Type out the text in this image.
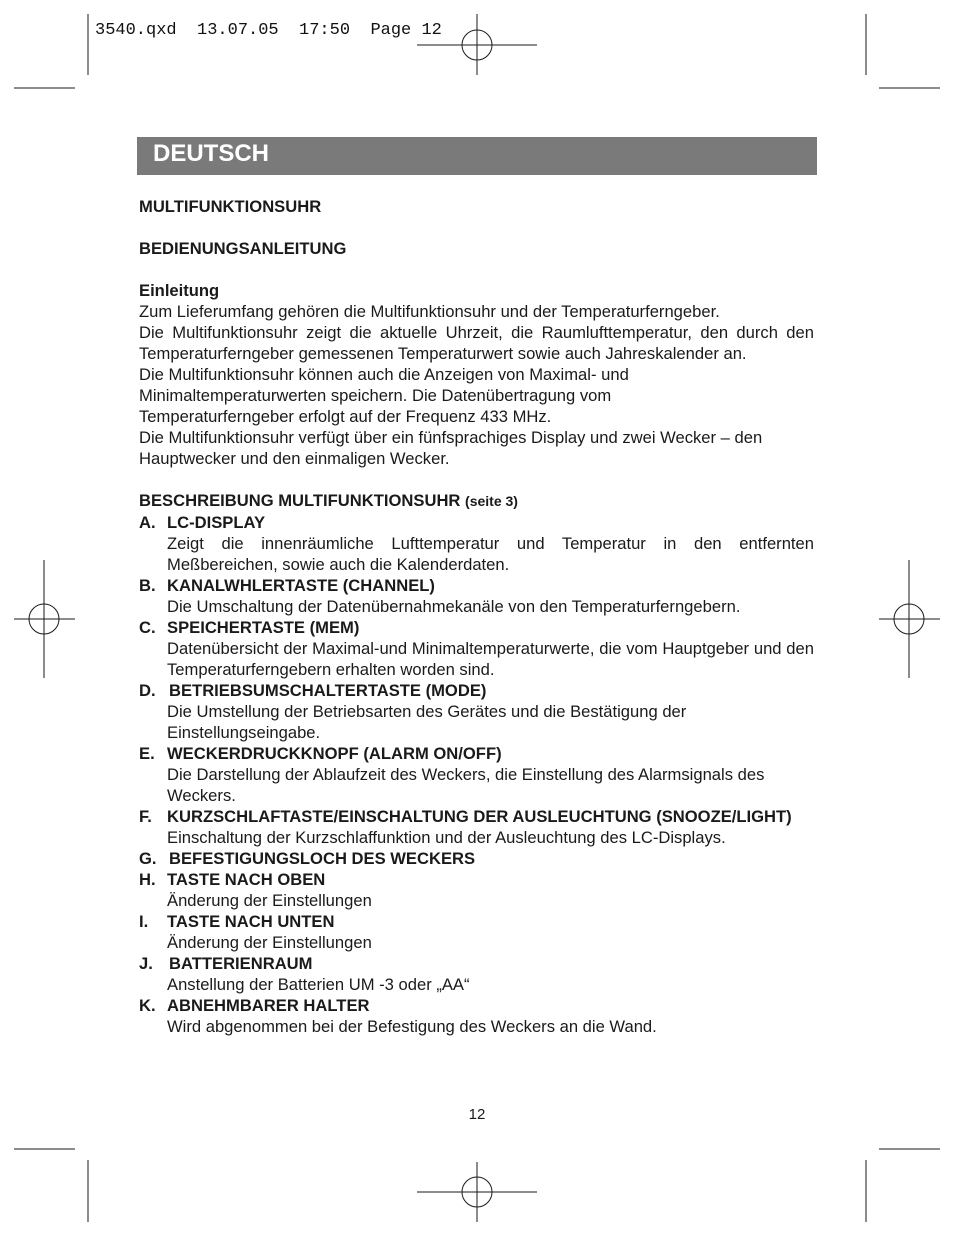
3540.qxd  13.07.05  17:50  Page 12
DEUTSCH

MULTIFUNKTIONSUHR

BEDIENUNGSANLEITUNG

Einleitung

Zum Lieferumfang gehören die Multifunktionsuhr und der Temperaturferngeber.

Die Multifunktionsuhr zeigt die aktuelle Uhrzeit, die Raumlufttemperatur, den durch den Temperaturferngeber gemessenen Temperaturwert sowie auch Jahreskalender an.

Die Multifunktionsuhr können auch die Anzeigen von Maximal- und

Minimaltemperaturwerten speichern. Die Datenübertragung vom

Temperaturferngeber erfolgt auf der Frequenz 433 MHz.

Die Multifunktionsuhr verfügt über ein fünfsprachiges Display und zwei Wecker – den Hauptwecker und den einmaligen Wecker.

BESCHREIBUNG MULTIFUNKTIONSUHR (seite 3)

A. LC-DISPLAY

Zeigt die innenräumliche Lufttemperatur und Temperatur in den entfernten Meßbereichen, sowie auch die Kalenderdaten.

B. KANALWHLERTASTE (CHANNEL)

Die Umschaltung der Datenübernahmekanäle von den Temperaturferngebern.

C. SPEICHERTASTE (MEM)

Datenübersicht der Maximal-und Minimaltemperaturwerte, die vom Hauptgeber und den Temperaturferngebern erhalten worden sind.

D. BETRIEBSUMSCHALTERTASTE (MODE)

Die Umstellung der Betriebsarten des Gerätes und die Bestätigung der Einstellungseingabe.

E. WECKERDRUCKKNOPF (ALARM ON/OFF)

Die Darstellung der Ablaufzeit des Weckers, die Einstellung des Alarmsignals des Weckers.

F. KURZSCHLAFTASTE/EINSCHALTUNG DER AUSLEUCHTUNG (SNOOZE/LIGHT)

Einschaltung der Kurzschlaffunktion und der Ausleuchtung des LC-Displays.

G. BEFESTIGUNGSLOCH DES WECKERS
H. TASTE NACH OBEN

Änderung der Einstellungen

I.	TASTE NACH UNTEN

Änderung der Einstellungen

J. BATTERIENRAUM

Anstellung der Batterien UM -3 oder „AA“

K. ABNEHMBARER HALTER

Wird abgenommen bei der Befestigung des Weckers an die Wand.

12
